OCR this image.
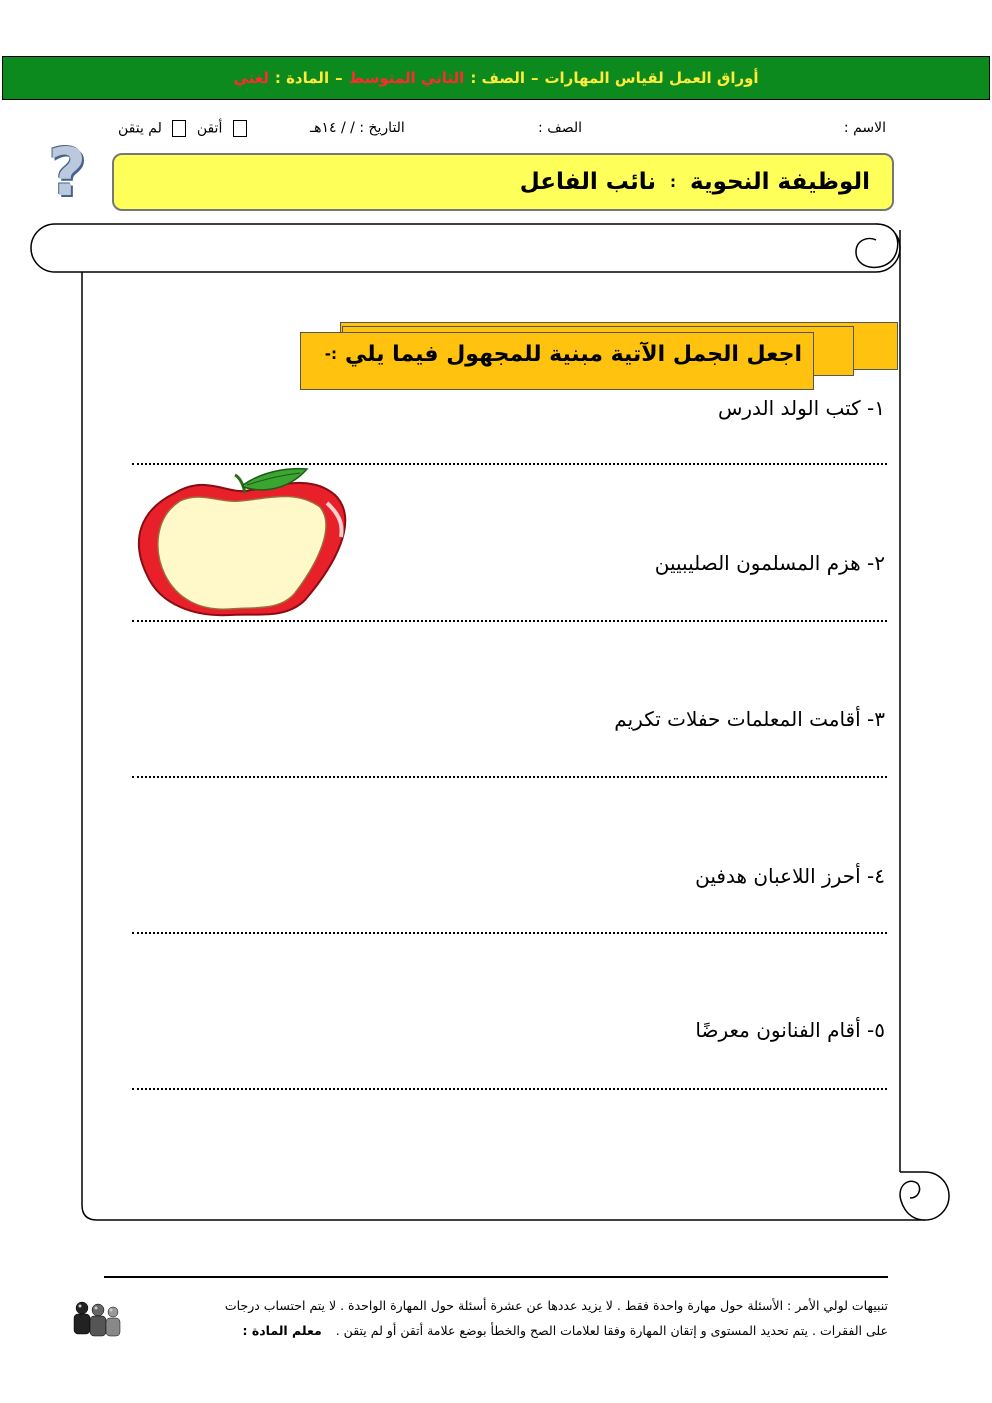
أوراق العمل لقياس المهارات
–
الصف :
الثاني المتوسط
–
المادة :
لغتي
الاسم :
الصف :
التاريخ : / / ١٤هـ
أتقن  لم يتقن
?	الوظيفة النحوية
:
نائب الفاعل
اجعل الجمل الآتية مبنية للمجهول فيما يلي
:-
١- كتب الولد الدرس
٢- هزم المسلمون الصليبيين
٣- أقامت المعلمات حفلات تكريم
٤- أحرز اللاعبان هدفين
٥- أقام الفنانون معرضًا
تنبيهات لولي الأمر : الأسئلة حول مهارة واحدة فقط . لا يزيد عددها عن عشرة أسئلة حول المهارة الواحدة . لا يتم احتساب درجات
على الفقرات . يتم تحديد المستوى و إتقان المهارة وفقا لعلامات الصح والخطأ بوضع علامة أتقن أو لم يتقن . معلم المادة :
